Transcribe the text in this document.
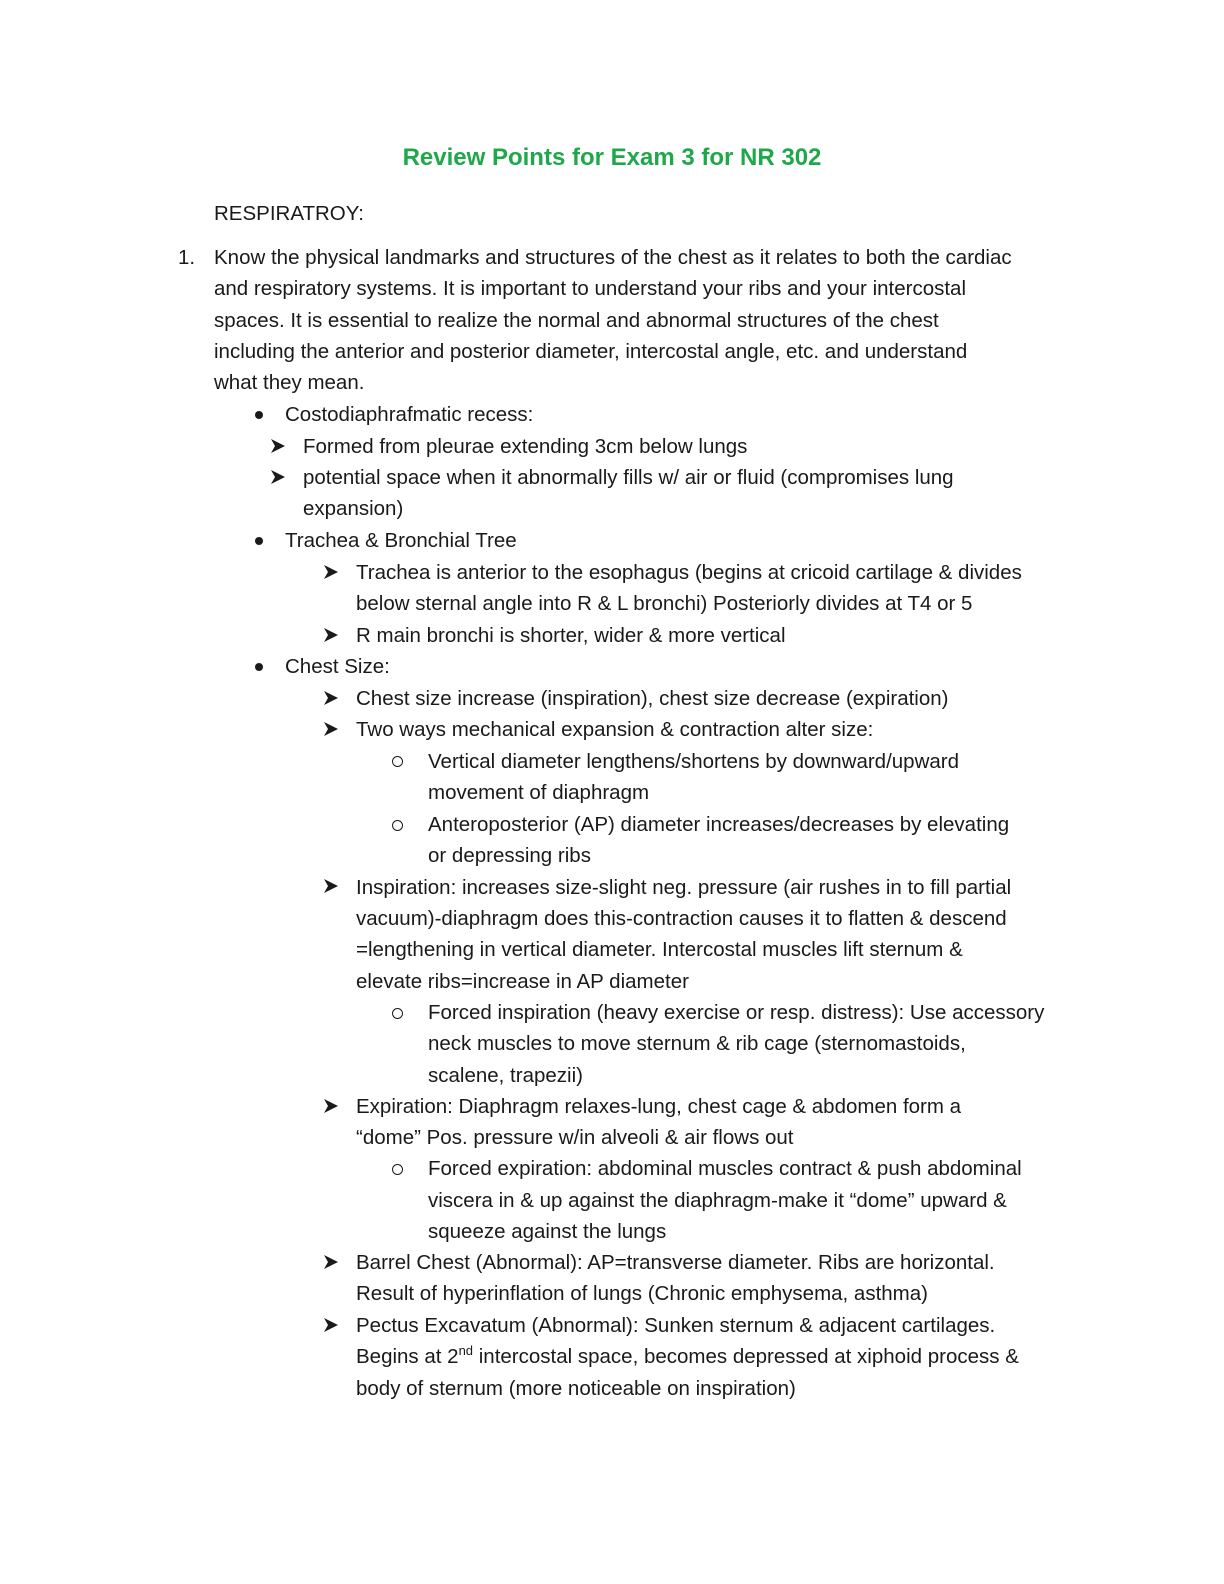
Review Points for Exam 3 for NR 302
RESPIRATROY:
1. Know the physical landmarks and structures of the chest as it relates to both the cardiac
and respiratory systems. It is important to understand your ribs and your intercostal
spaces. It is essential to realize the normal and abnormal structures of the chest
including the anterior and posterior diameter, intercostal angle, etc. and understand
what they mean.
Costodiaphrafmatic recess:
Formed from pleurae extending 3cm below lungs
potential space when it abnormally fills w/ air or fluid (compromises lung
expansion)
Trachea & Bronchial Tree
Trachea is anterior to the esophagus (begins at cricoid cartilage & divides
below sternal angle into R & L bronchi) Posteriorly divides at T4 or 5
R main bronchi is shorter, wider & more vertical
Chest Size:
Chest size increase (inspiration), chest size decrease (expiration)
Two ways mechanical expansion & contraction alter size:
Vertical diameter lengthens/shortens by downward/upward
movement of diaphragm
Anteroposterior (AP) diameter increases/decreases by elevating
or depressing ribs
Inspiration: increases size-slight neg. pressure (air rushes in to fill partial
vacuum)-diaphragm does this-contraction causes it to flatten & descend
=lengthening in vertical diameter. Intercostal muscles lift sternum &
elevate ribs=increase in AP diameter
Forced inspiration (heavy exercise or resp. distress): Use accessory
neck muscles to move sternum & rib cage (sternomastoids,
scalene, trapezii)
Expiration: Diaphragm relaxes-lung, chest cage & abdomen form a
“dome” Pos. pressure w/in alveoli & air flows out
Forced expiration: abdominal muscles contract & push abdominal
viscera in & up against the diaphragm-make it “dome” upward &
squeeze against the lungs
Barrel Chest (Abnormal): AP=transverse diameter. Ribs are horizontal.
Result of hyperinflation of lungs (Chronic emphysema, asthma)
Pectus Excavatum (Abnormal): Sunken sternum & adjacent cartilages.
Begins at 2nd intercostal space, becomes depressed at xiphoid process &
body of sternum (more noticeable on inspiration)
